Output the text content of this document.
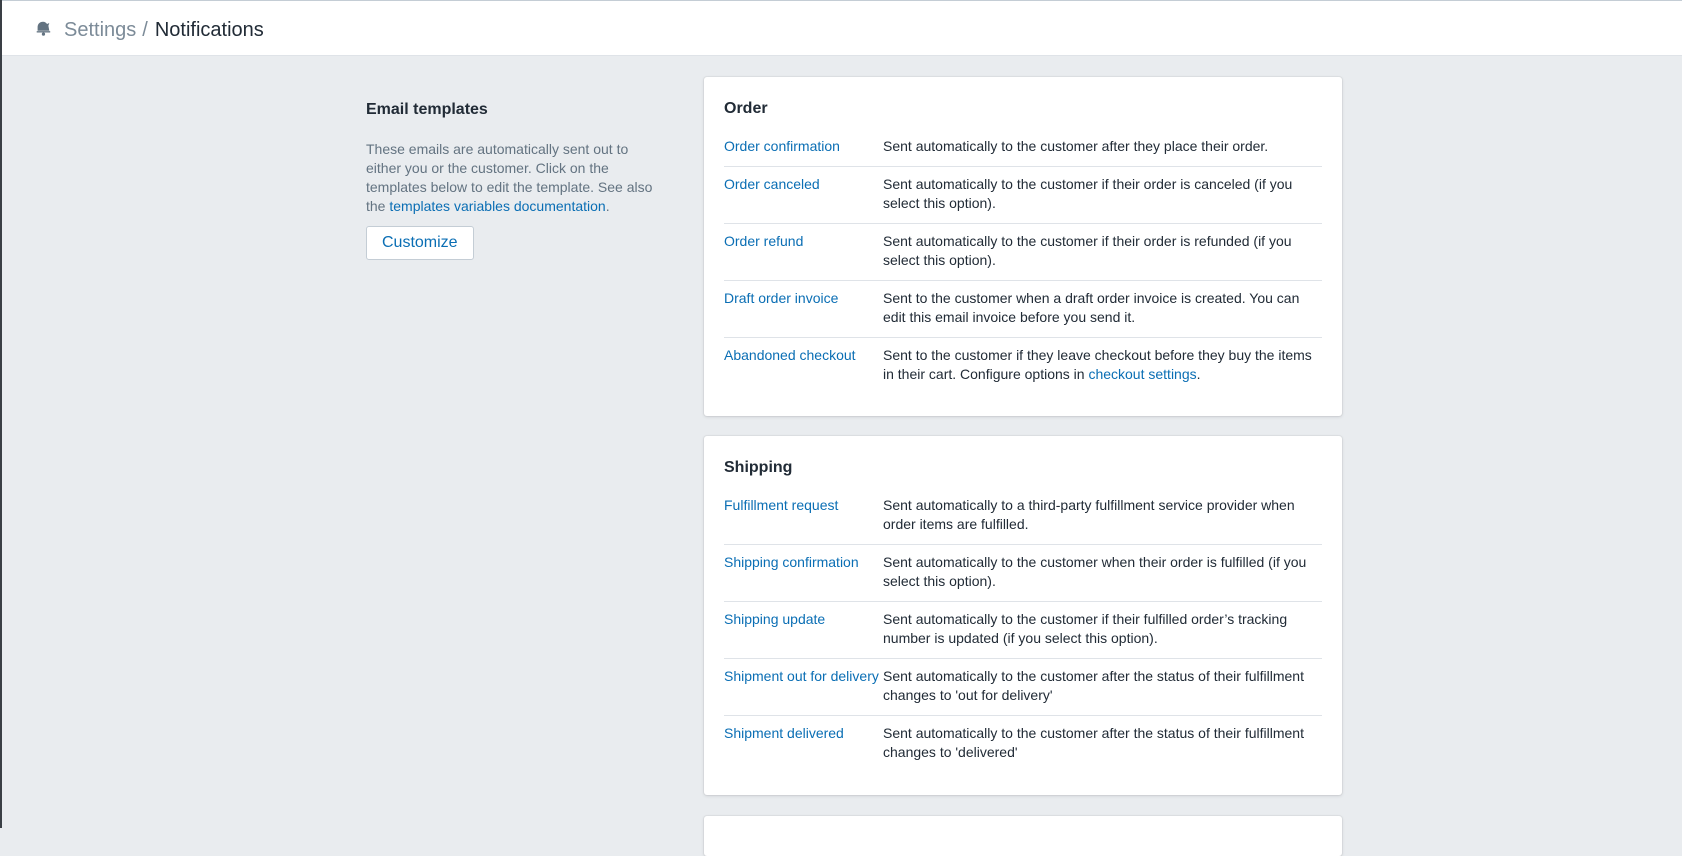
Settings / Notifications
Email templates

These emails are automatically sent out to either you or the customer. Click on the templates below to edit the template. See also the templates variables documentation.

Customize
Order
Order confirmation	Sent automatically to the customer after they place their order.
Order canceled	Sent automatically to the customer if their order is canceled (if you select this option).
Order refund	Sent automatically to the customer if their order is refunded (if you select this option).
Draft order invoice	Sent to the customer when a draft order invoice is created. You can edit this email invoice before you send it.
Abandoned checkout	Sent to the customer if they leave checkout before they buy the items in their cart. Configure options in checkout settings.
Shipping
Fulfillment request	Sent automatically to a third-party fulfillment service provider when order items are fulfilled.
Shipping confirmation	Sent automatically to the customer when their order is fulfilled (if you select this option).
Shipping update	Sent automatically to the customer if their fulfilled order’s tracking number is updated (if you select this option).
Shipment out for delivery Sent automatically to the customer after the status of their fulfillment changes to 'out for delivery'
Shipment delivered	Sent automatically to the customer after the status of their fulfillment changes to 'delivered'
